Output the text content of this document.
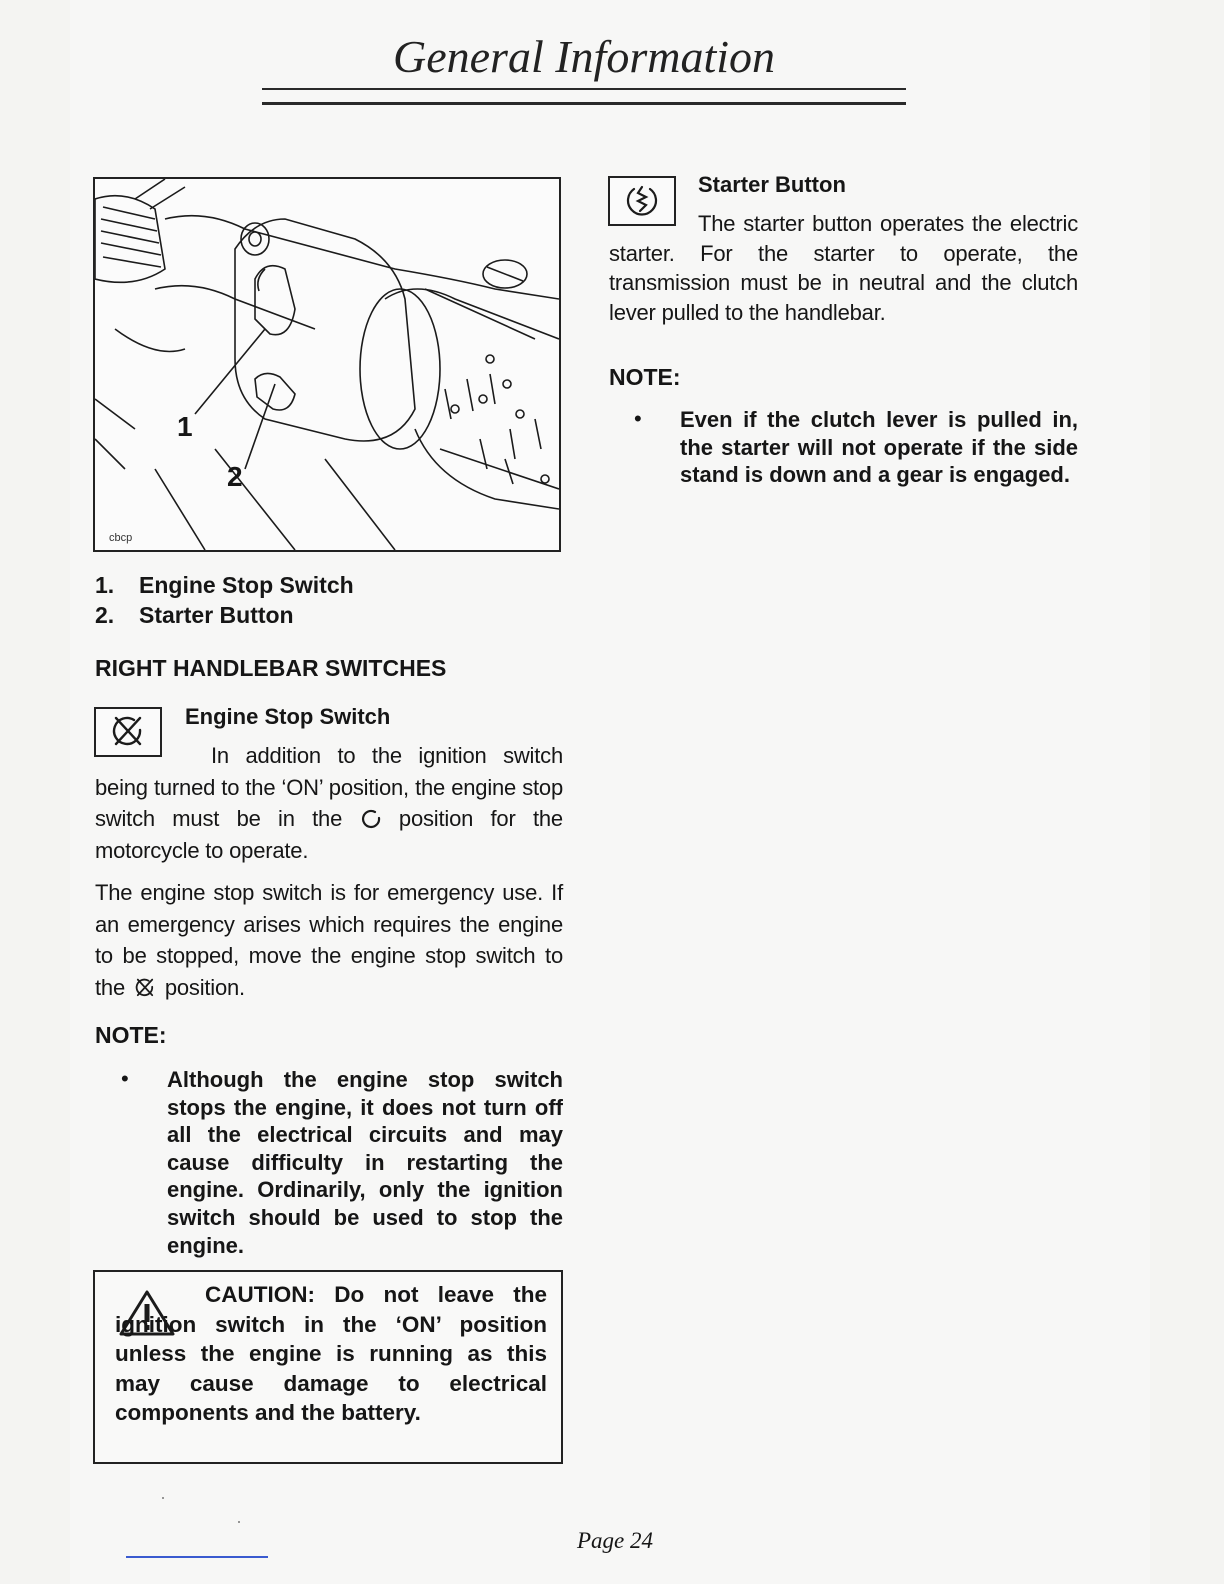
General Information
1
2
cbcp
1. Engine Stop Switch
2. Starter Button
RIGHT HANDLEBAR SWITCHES
Engine Stop Switch
In addition to the ignition switch being turned to the ‘ON’ position, the engine stop switch must be in the	position for the motorcycle to operate.
The engine stop switch is for emergency use. If an emergency arises which requires the engine to be stopped, move the engine stop switch to the position.
NOTE:
• Although the engine stop switch stops the engine, it does not turn off all the electrical circuits and may cause difficulty in restarting the engine. Ordinarily, only the ignition switch should be used to stop the engine.
CAUTION: Do not leave the ignition switch in the ‘ON’ position unless the engine is running as this may cause damage to electrical components and the battery.
Starter Button
The starter button operates the electric starter. For the starter to operate, the transmission must be in neutral and the clutch lever pulled to the handlebar.
NOTE:
• Even if the clutch lever is pulled in, the starter will not operate if the side stand is down and a gear is engaged.
Page 24
